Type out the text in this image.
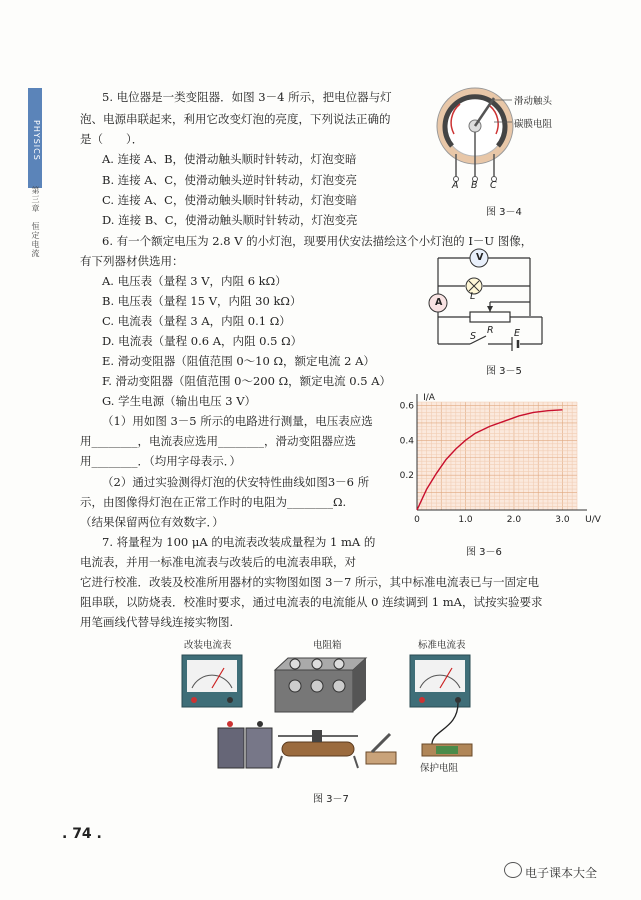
PHYSICS
第三章　恒定电流
5. 电位器是一类变阻器．如图 3－4 所示，把电位器与灯
泡、电源串联起来，利用它改变灯泡的亮度，下列说法正确的
是（　　）．
A. 连接 A、B，使滑动触头顺时针转动，灯泡变暗
B. 连接 A、C，使滑动触头逆时针转动，灯泡变亮
C. 连接 A、C，使滑动触头顺时针转动，灯泡变暗
D. 连接 B、C，使滑动触头顺时针转动，灯泡变亮
滑动触头
碳膜电阻
A B C
图 3－4
6. 有一个额定电压为 2.8 V 的小灯泡，现要用伏安法描绘这个小灯泡的 I－U 图像，
有下列器材供选用：
A. 电压表（量程 3 V，内阻 6 kΩ）
B. 电压表（量程 15 V，内阻 30 kΩ）
C. 电流表（量程 3 A，内阻 0.1 Ω）
D. 电流表（量程 0.6 A，内阻 0.5 Ω）
E. 滑动变阻器（阻值范围 0～10 Ω，额定电流 2 A）
F. 滑动变阻器（阻值范围 0～200 Ω，额定电流 0.5 A）
G. 学生电源（输出电压 3 V）
（1）用如图 3－5 所示的电路进行测量，电压表应选
用________，电流表应选用________，滑动变阻器应选
用________．（均用字母表示．）
（2）通过实验测得灯泡的伏安特性曲线如图3－6 所
示，由图像得灯泡在正常工作时的电阻为________Ω.
（结果保留两位有效数字．）
V
A
L
R
S	E
图 3－5
0	1.0	2.0	3.0
0.2
0.4
0.6
U/V
I/A
图 3－6
7. 将量程为 100 μA 的电流表改装成量程为 1 mA 的
电流表，并用一标准电流表与改装后的电流表串联，对
它进行校准．改装及校准所用器材的实物图如图 3－7 所示，其中标准电流表已与一固定电
阻串联，以防烧表．校准时要求，通过电流表的电流能从 0 连续调到 1 mA，试按实验要求
用笔画线代替导线连接实物图.
改装电流表	电阻箱	标准电流表
保护电阻
图 3－7
. 74 .
电子课本大全
